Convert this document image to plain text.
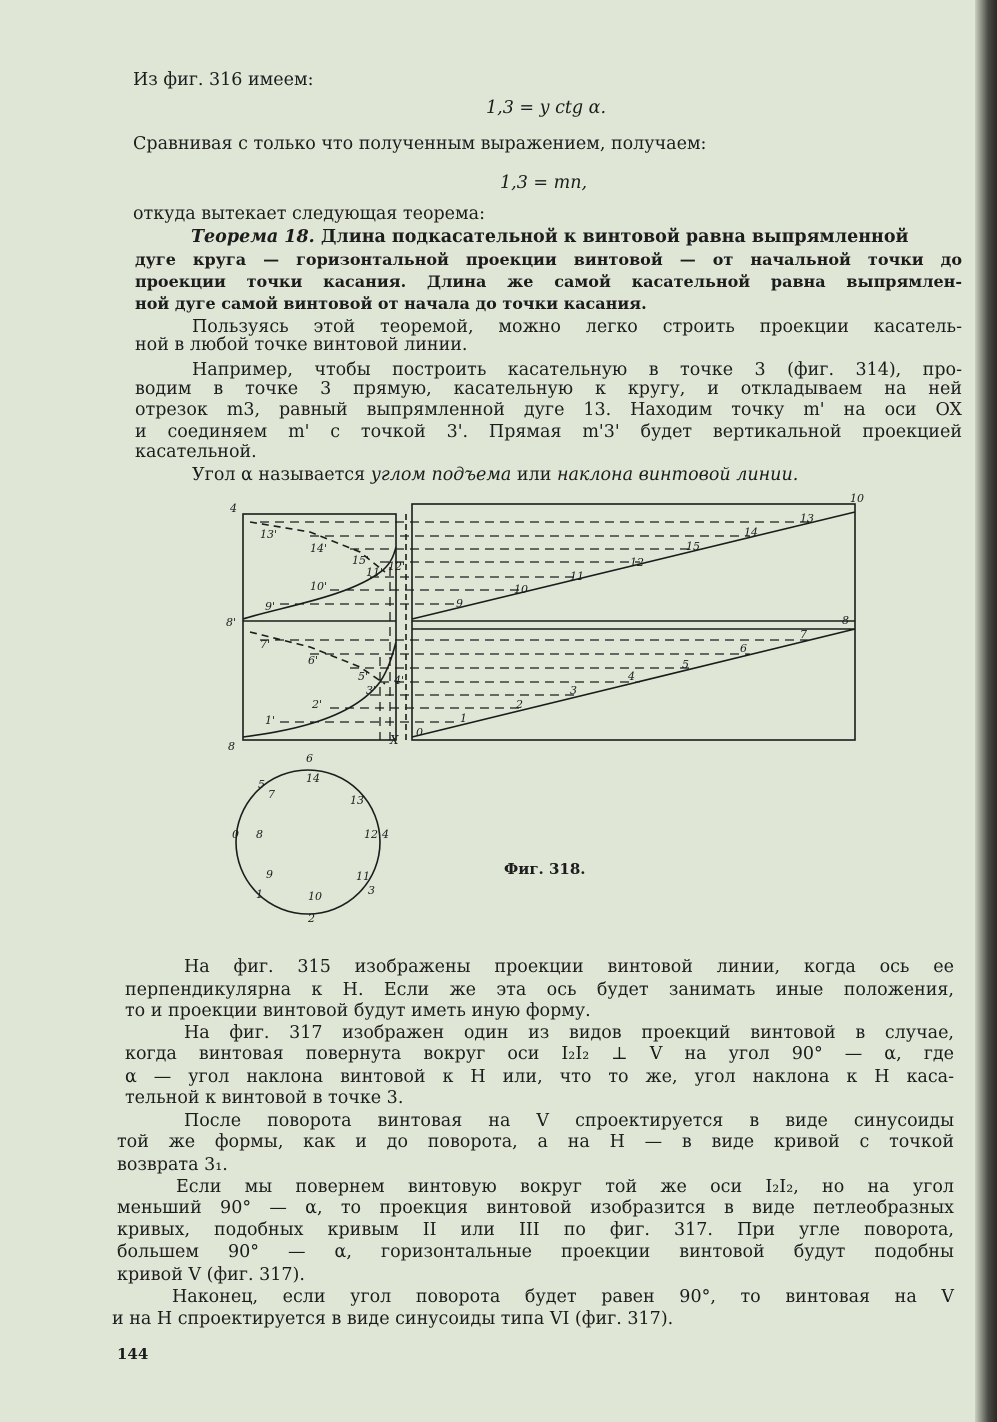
Из фиг. 316 имеем:
1,3 = y ctg α.
Сравнивая с только что полученным выражением, получаем:
1,3 = mn,
откуда вытекает следующая теорема:
Теорема 18. Длина подкасательной к винтовой равна выпрямленной
дуге круга — горизонтальной проекции винтовой — от начальной точки до
проекции точки касания. Длина же самой касательной равна выпрямлен-
ной дуге самой винтовой от начала до точки касания.
Пользуясь этой теоремой, можно легко строить проекции касатель-
ной в любой точке винтовой линии.
Например, чтобы построить касательную в точке 3 (фиг. 314), про-
водим в точке 3 прямую, касательную к кругу, и откладываем на ней
отрезок m3, равный выпрямленной дуге 13. Находим точку m' на оси OX
и соединяем m' с точкой 3'. Прямая m'3' будет вертикальной проекцией
касательной.
Угол α называется углом подъема или наклона винтовой линии.
4
8'
8
10
8
X
13'
14'
15' 12'
11'
10'
9'
13
14
15
12
11
10
9
7'
6'
5' 4'
3'
2'
1'
7
6
5
4
3
2
1
0
6
14
5
13
7
12 4
0 8
11
9
3
10
1
2
Фиг. 318.
На фиг. 315 изображены проекции винтовой линии, когда ось ее
перпендикулярна к H. Если же эта ось будет занимать иные положения,
то и проекции винтовой будут иметь иную форму.
На фиг. 317 изображен один из видов проекций винтовой в случае,
когда винтовая повернута вокруг оси I₂I₂ ⊥ V на угол 90° — α, где
α — угол наклона винтовой к H или, что то же, угол наклона к H каса-
тельной к винтовой в точке 3.
После поворота винтовая на V спроектируется в виде синусоиды
той же формы, как и до поворота, а на H — в виде кривой с точкой
возврата 3₁.
Если мы повернем винтовую вокруг той же оси I₂I₂, но на угол
меньший 90° — α, то проекция винтовой изобразится в виде петлеобразных
кривых, подобных кривым II или III по фиг. 317. При угле поворота,
большем 90° — α, горизонтальные проекции винтовой будут подобны
кривой V (фиг. 317).
Наконец, если угол поворота будет равен 90°, то винтовая на V
и на H спроектируется в виде синусоиды типа VI (фиг. 317).
144
